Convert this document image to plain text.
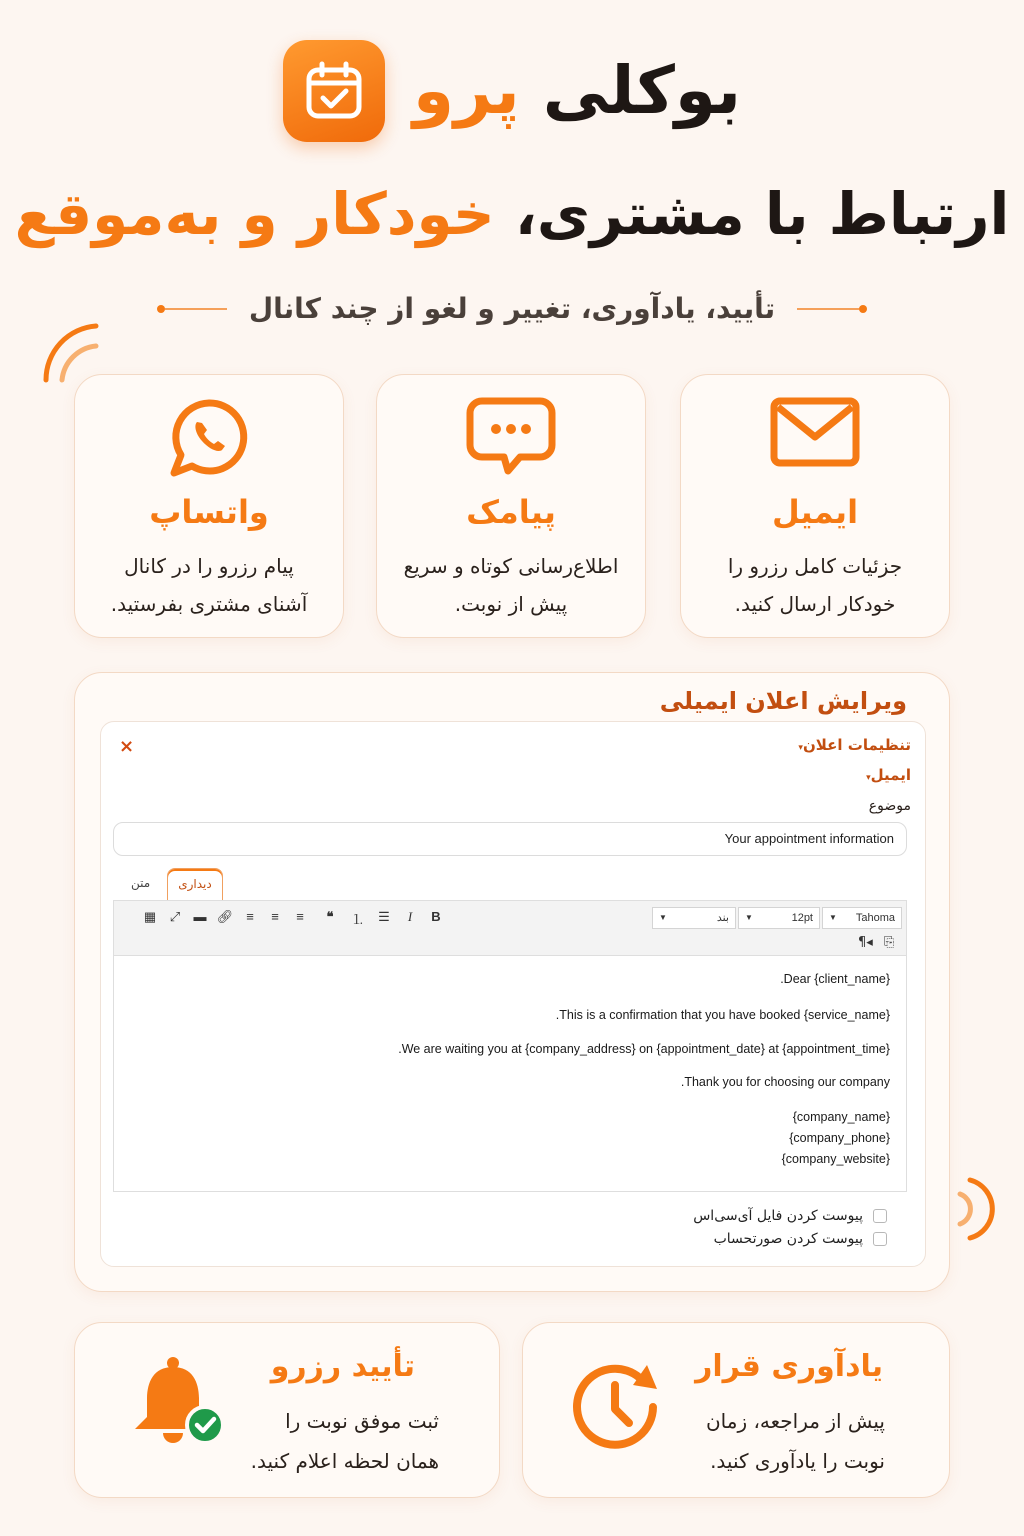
بوکلی پرو
ارتباط با مشتری، خودکار و به‌موقع
تأیید، یادآوری، تغییر و لغو از چند کانال
ایمیل
جزئیات کامل رزرو را
خودکار ارسال کنید.
پیامک
اطلاع‌رسانی کوتاه و سریع
پیش از نوبت.
واتساپ
پیام رزرو را در کانال
آشنای مشتری بفرستید.
ویرایش اعلان ایمیلی
×	تنظیمات اعلان▾
ایمیل▾
موضوع
Your appointment information
متن	دیداری
▦	⤢	▬ 🔗︎ ≡	≡	≡	❝	⒈	☰	I	B	بند
▼	12pt
▼	Tahoma
▼
¶◂ ⎘
Dear {client_name}.
This is a confirmation that you have booked {service_name}.
We are waiting you at {company_address} on {appointment_date} at {appointment_time}.
Thank you for choosing our company.
{company_name}
{company_phone}
{company_website}
پیوست کردن فایل آی‌سی‌اس
پیوست کردن صورتحساب
یادآوری قرار
پیش از مراجعه، زمان
نوبت را یادآوری کنید.
تأیید رزرو
ثبت موفق نوبت را
همان لحظه اعلام کنید.
